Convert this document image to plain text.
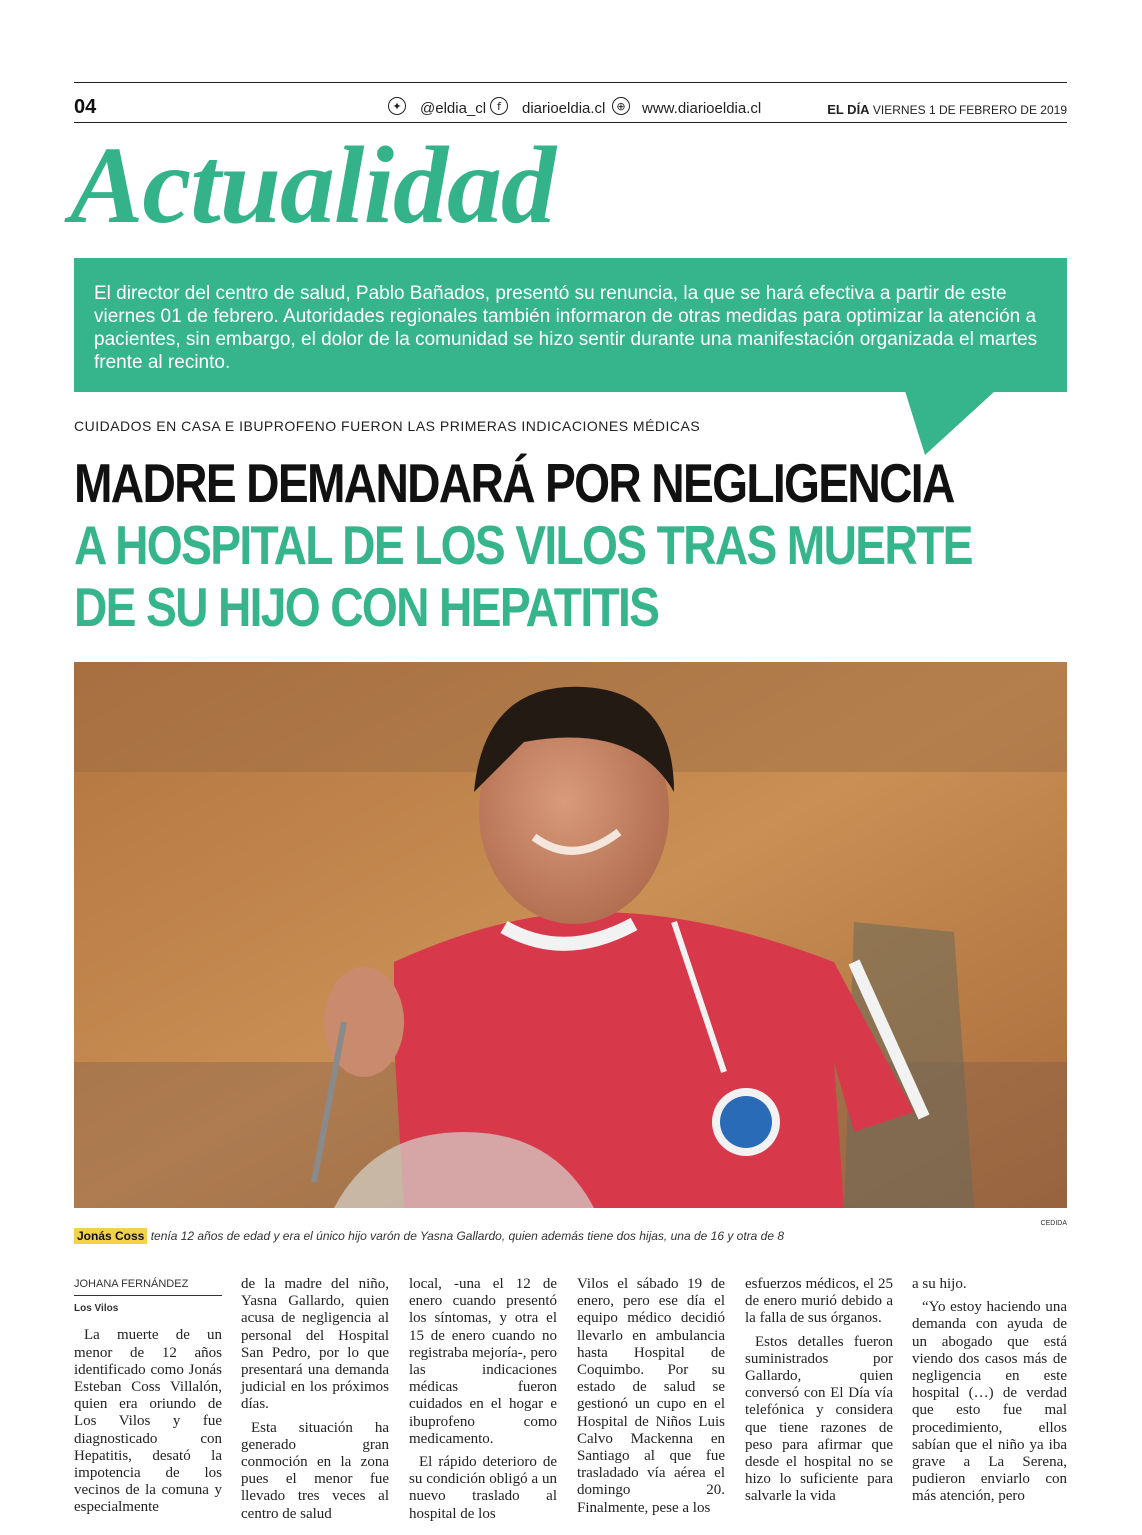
04	✦ @eldia_cl f	diarioeldia.cl	⊕ www.diarioeldia.cl	EL DÍA VIERNES 1 DE FEBRERO DE 2019
Actualidad

El director del centro de salud, Pablo Bañados, presentó su renuncia, la que se hará efectiva a partir de este viernes 01 de febrero. Autoridades regionales también informaron de otras medidas para optimizar la atención a pacientes, sin embargo, el dolor de la comunidad se hizo sentir durante una manifestación organizada el martes frente al recinto.

CUIDADOS EN CASA E IBUPROFENO FUERON LAS PRIMERAS INDICACIONES MÉDICAS
MADRE DEMANDARÁ POR NEGLIGENCIA
A HOSPITAL DE LOS VILOS TRAS MUERTE
DE SU HIJO CON HEPATITIS
CEDIDA
Jonás Coss tenía 12 años de edad y era el único hijo varón de Yasna Gallardo, quien además tiene dos hijas, una de 16 y otra de 8
JOHANA FERNÁNDEZ
Los Vilos

La muerte de un menor de 12 años identificado como Jonás Esteban Coss Villalón, quien era oriundo de Los Vilos y fue diagnosticado con Hepatitis, desató la impotencia de los vecinos de la comuna y especialmente

de la madre del niño, Yasna Gallardo, quien acusa de negligencia al personal del Hospital San Pedro, por lo que presentará una demanda judicial en los próximos días.

Esta situación ha generado gran conmoción en la zona pues el menor fue llevado tres veces al centro de salud

local, -una el 12 de enero cuando presentó los síntomas, y otra el 15 de enero cuando no registraba mejoría-, pero las indicaciones médicas fueron cuidados en el hogar e ibuprofeno como medicamento.

El rápido deterioro de su condición obligó a un nuevo traslado al hospital de los

Vilos el sábado 19 de enero, pero ese día el equipo médico decidió llevarlo en ambulancia hasta Hospital de Coquimbo. Por su estado de salud se gestionó un cupo en el Hospital de Niños Luis Calvo Mackenna en Santiago al que fue trasladado vía aérea el domingo 20. Finalmente, pese a los

esfuerzos médicos, el 25 de enero murió debido a la falla de sus órganos.

Estos detalles fueron suministrados por Gallardo, quien conversó con El Día vía telefónica y considera que tiene razones de peso para afirmar que desde el hospital no se hizo lo suficiente para salvarle la vida

a su hijo.

“Yo estoy haciendo una demanda con ayuda de un abogado que está viendo dos casos más de negligencia en este hospital (…) de verdad que esto fue mal procedimiento, ellos sabían que el niño ya iba grave a La Serena, pudieron enviarlo con más atención, pero
